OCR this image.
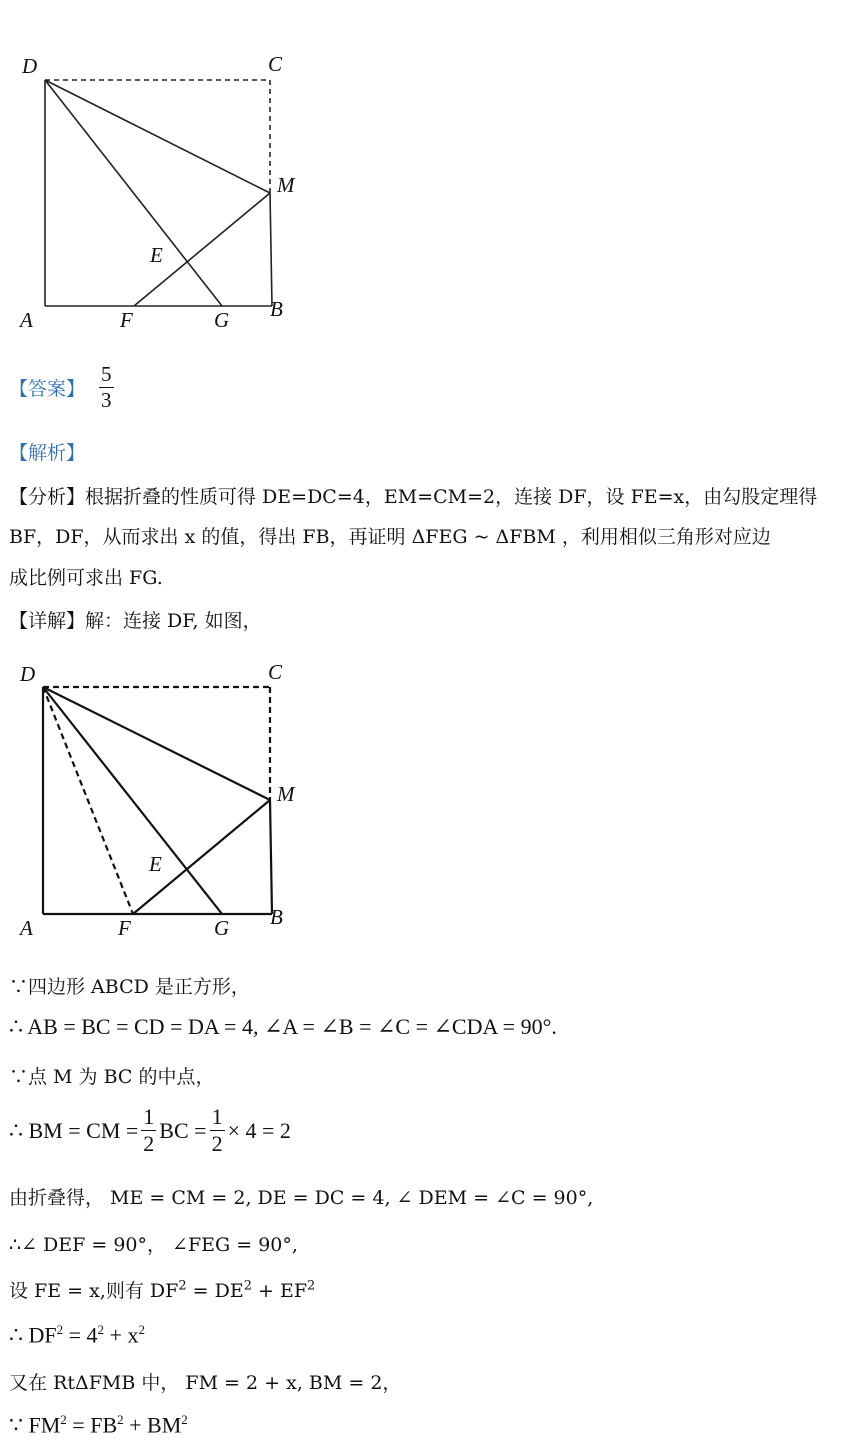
D	C
M
E
A	F	G B
【答案】 $\frac{5}{3}$
【解析】
【分析】根据折叠的性质可得 DE=DC=4，EM=CM=2，连接 DF，设 FE=x，由勾股定理得
BF，DF，从而求出 x 的值，得出 FB，再证明 ΔFEG ~ ΔFBM ，利用相似三角形对应边
成比例可求出 FG.
【详解】解：连接 DF, 如图，
D	C
M
E
A	F	G B
∵四边形 ABCD 是正方形，
∴ AB = BC = CD = DA = 4, ∠A = ∠B = ∠C = ∠CDA = 90°.
∵点 M 为 BC 的中点，
∴ BM = CM = $\frac{1}{2}$ BC = $\frac{1}{2} \times 4 = 2$
由折叠得， ME = CM = 2, DE = DC = 4, ∠ DEM = ∠C = 90°,
∴∠ DEF = 90°， ∠FEG = 90°,
设 FE = x,则有 $DF^2 = DE^2 + EF^2$
∴ $DF^2 = 4^2 + x^2$
又在 RtΔFMB 中， FM = 2 + x, BM = 2，
∵ $FM^2 = FB^2 + BM^2$
